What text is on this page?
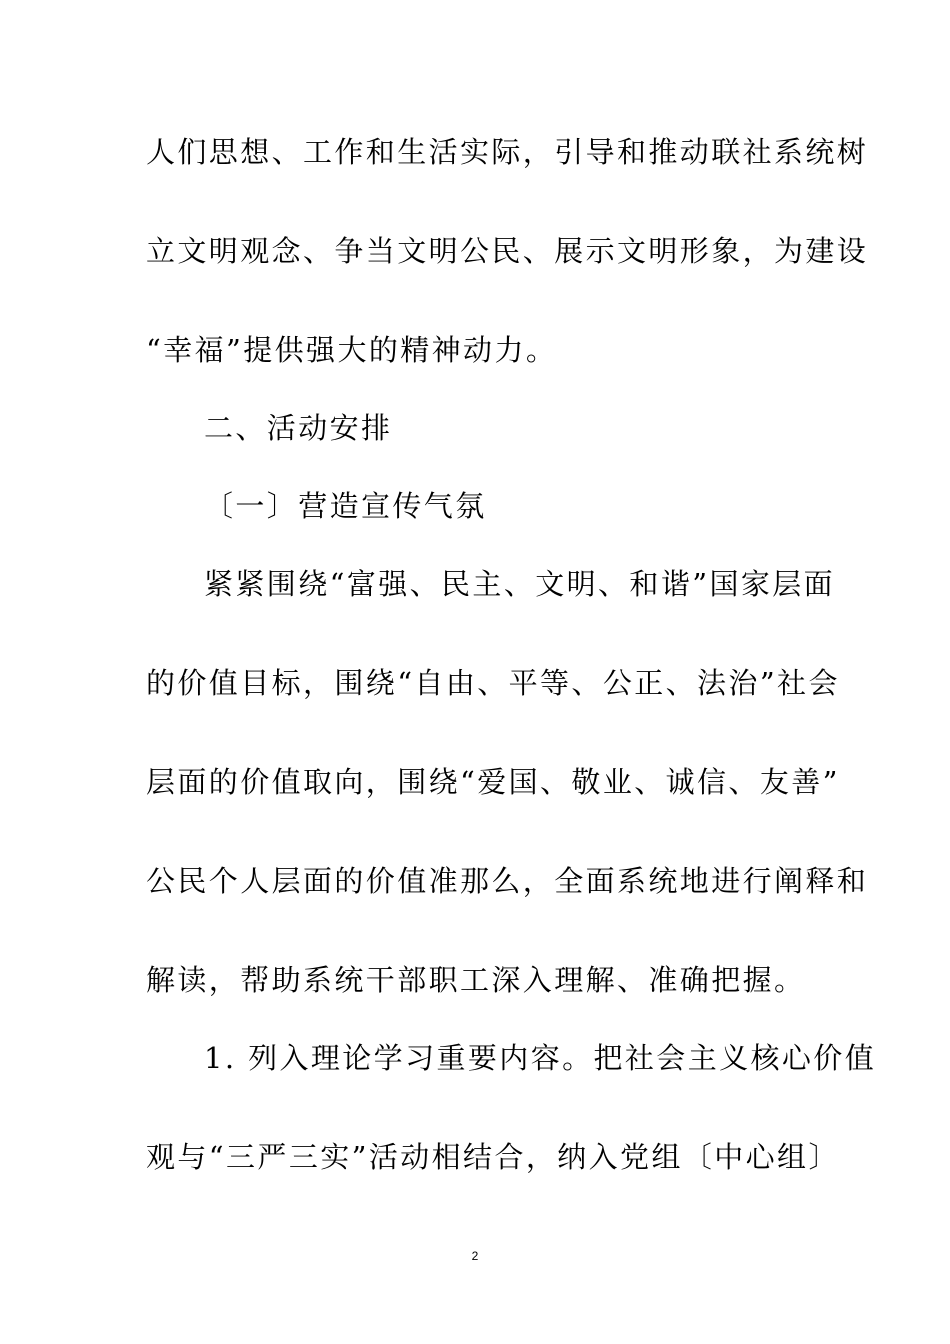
人们思想、工作和生活实际，引导和推动联社系统树
立文明观念、争当文明公民、展示文明形象，为建设
“幸福”提供强大的精神动力。
二、活动安排
〔一〕营造宣传气氛
紧紧围绕“富强、民主、文明、和谐”国家层面
的价值目标，围绕“自由、平等、公正、法治”社会
层面的价值取向，围绕“爱国、敬业、诚信、友善”
公民个人层面的价值准那么，全面系统地进行阐释和
解读，帮助系统干部职工深入理解、准确把握。
1. 列入理论学习重要内容。把社会主义核心价值
观与“三严三实”活动相结合，纳入党组〔中心组〕
2
